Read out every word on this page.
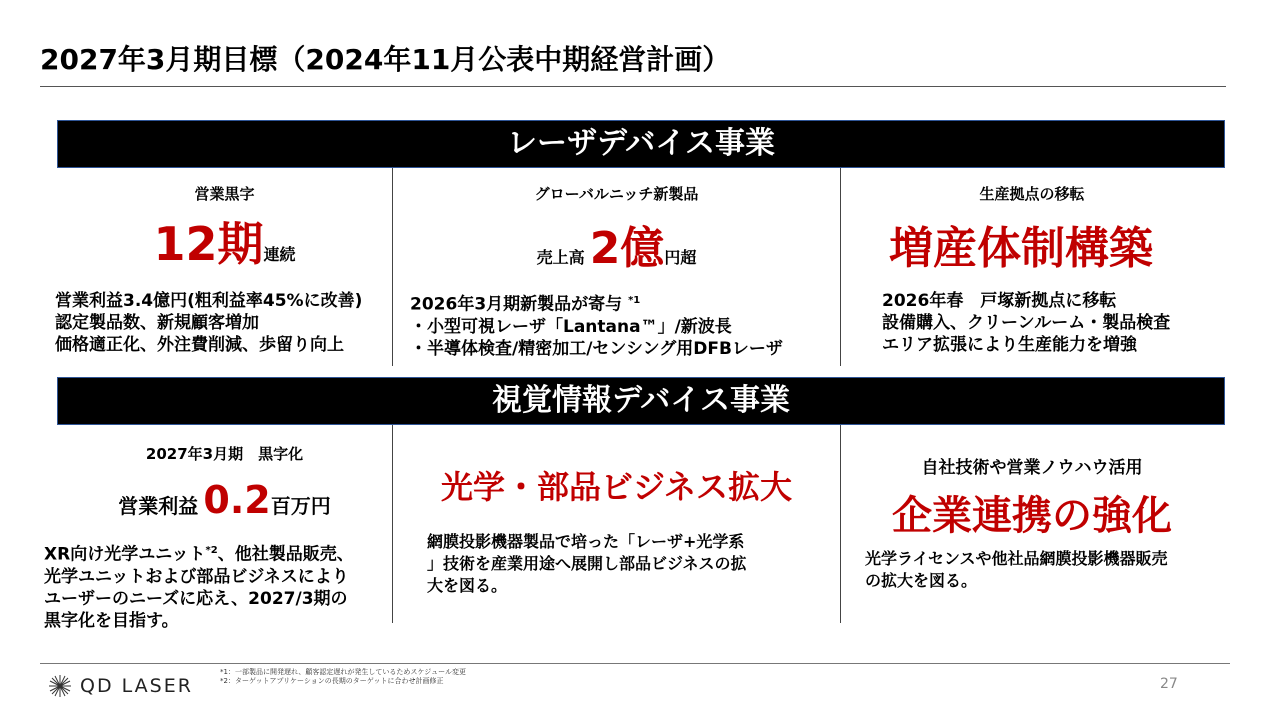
2027年3月期目標（2024年11月公表中期経営計画）
レーザデバイス事業
営業黒字
12期連続
営業利益3.4億円(粗利益率45%に改善)
認定製品数、新規顧客増加
価格適正化、外注費削減、歩留り向上
グローバルニッチ新製品
売上高 2億円超
2026年3月期新製品が寄与 $^{*1}$
・小型可視レーザ「Lantana™」/新波長
・半導体検査/精密加工/センシング用DFBレーザ
生産拠点の移転
増産体制構築
2026年春　戸塚新拠点に移転
設備購入、クリーンルーム・製品検査
エリア拡張により生産能力を増強
視覚情報デバイス事業
2027年3月期　黒字化
営業利益 0.2百万円
XR向け光学ユニット$^{*2}$、他社製品販売、
光学ユニットおよび部品ビジネスにより
ユーザーのニーズに応え、2027/3期の
黒字化を目指す。
光学・部品ビジネス拡大
網膜投影機器製品で培った「レーザ+光学系
」技術を産業用途へ展開し部品ビジネスの拡
大を図る。
自社技術や営業ノウハウ活用
企業連携の強化
光学ライセンスや他社品網膜投影機器販売
の拡大を図る。
QD LASER
*1：一部製品に開発遅れ、顧客認定遅れが発生しているためスケジュール変更
*2：ターゲットアプリケーションの長期のターゲットに合わせ計画修正	27
